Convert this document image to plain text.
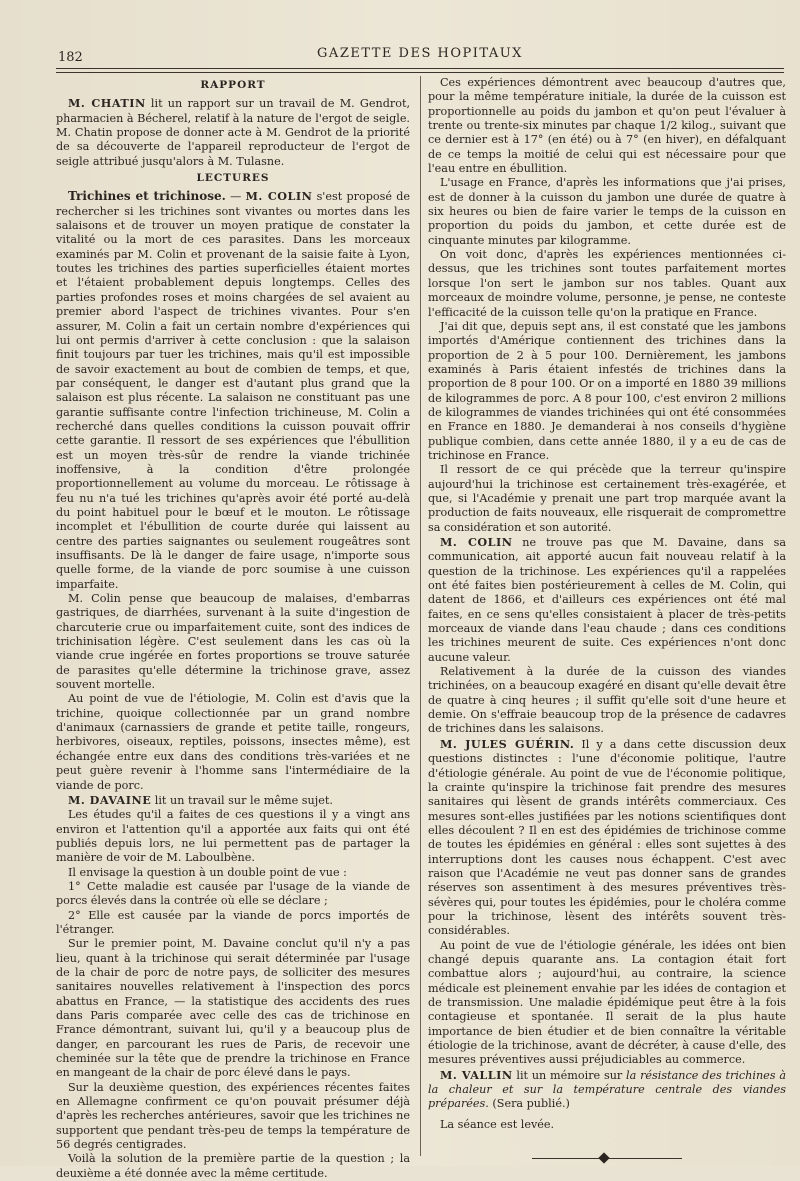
182	GAZETTE DES HOPITAUX
RAPPORT

M. CHATIN lit un rapport sur un travail de M. Gendrot, pharmacien à Bécherel, relatif à la nature de l'ergot de seigle. M. Chatin propose de donner acte à M. Gendrot de la priorité de sa découverte de l'appareil reproducteur de l'ergot de seigle attribué jusqu'alors à M. Tulasne.

LECTURES

Trichines et trichinose. — M. COLIN s'est proposé de rechercher si les trichines sont vivantes ou mortes dans les salaisons et de trouver un moyen pratique de constater la vitalité ou la mort de ces parasites. Dans les morceaux examinés par M. Colin et provenant de la saisie faite à Lyon, toutes les trichines des parties superficielles étaient mortes et l'étaient probablement depuis longtemps. Celles des parties profondes roses et moins chargées de sel avaient au premier abord l'aspect de trichines vivantes. Pour s'en assurer, M. Colin a fait un certain nombre d'expériences qui lui ont permis d'arriver à cette conclusion : que la salaison finit toujours par tuer les trichines, mais qu'il est impossible de savoir exactement au bout de combien de temps, et que, par conséquent, le danger est d'autant plus grand que la salaison est plus récente. La salaison ne constituant pas une garantie suffisante contre l'infection trichineuse, M. Colin a recherché dans quelles conditions la cuisson pouvait offrir cette garantie. Il ressort de ses expériences que l'ébullition est un moyen très-sûr de rendre la viande trichinée inoffensive, à la condition d'être prolongée proportionnellement au volume du morceau. Le rôtissage à feu nu n'a tué les trichines qu'après avoir été porté au-delà du point habituel pour le bœuf et le mouton. Le rôtissage incomplet et l'ébullition de courte durée qui laissent au centre des parties saignantes ou seulement rougeâtres sont insuffisants. De là le danger de faire usage, n'importe sous quelle forme, de la viande de porc soumise à une cuisson imparfaite.

M. Colin pense que beaucoup de malaises, d'embarras gastriques, de diarrhées, survenant à la suite d'ingestion de charcuterie crue ou imparfaitement cuite, sont des indices de trichinisation légère. C'est seulement dans les cas où la viande crue ingérée en fortes proportions se trouve saturée de parasites qu'elle détermine la trichinose grave, assez souvent mortelle.

Au point de vue de l'étiologie, M. Colin est d'avis que la trichine, quoique collectionnée par un grand nombre d'animaux (carnassiers de grande et petite taille, rongeurs, herbivores, oiseaux, reptiles, poissons, insectes même), est échangée entre eux dans des conditions très-variées et ne peut guère revenir à l'homme sans l'intermédiaire de la viande de porc.

M. DAVAINE lit un travail sur le même sujet.

Les études qu'il a faites de ces questions il y a vingt ans environ et l'attention qu'il a apportée aux faits qui ont été publiés depuis lors, ne lui permettent pas de partager la manière de voir de M. Laboulbène.

Il envisage la question à un double point de vue :

1° Cette maladie est causée par l'usage de la viande de porcs élevés dans la contrée où elle se déclare ;

2° Elle est causée par la viande de porcs importés de l'étranger.

Sur le premier point, M. Davaine conclut qu'il n'y a pas lieu, quant à la trichinose qui serait déterminée par l'usage de la chair de porc de notre pays, de solliciter des mesures sanitaires nouvelles relativement à l'inspection des porcs abattus en France, — la statistique des accidents des rues dans Paris comparée avec celle des cas de trichinose en France démontrant, suivant lui, qu'il y a beaucoup plus de danger, en parcourant les rues de Paris, de recevoir une cheminée sur la tête que de prendre la trichinose en France en mangeant de la chair de porc élevé dans le pays.

Sur la deuxième question, des expériences récentes faites en Allemagne confirment ce qu'on pouvait présumer déjà d'après les recherches antérieures, savoir que les trichines ne supportent que pendant très-peu de temps la température de 56 degrés centigrades.

Voilà la solution de la première partie de la question ; la deuxième a été donnée avec la même certitude.

Ces expériences démontrent avec beaucoup d'autres que, pour la même température initiale, la durée de la cuisson est proportionnelle au poids du jambon et qu'on peut l'évaluer à trente ou trente-six minutes par chaque 1/2 kilog., suivant que ce dernier est à 17° (en été) ou à 7° (en hiver), en défalquant de ce temps la moitié de celui qui est nécessaire pour que l'eau entre en ébullition.

L'usage en France, d'après les informations que j'ai prises, est de donner à la cuisson du jambon une durée de quatre à six heures ou bien de faire varier le temps de la cuisson en proportion du poids du jambon, et cette durée est de cinquante minutes par kilogramme.

On voit donc, d'après les expériences mentionnées ci-dessus, que les trichines sont toutes parfaitement mortes lorsque l'on sert le jambon sur nos tables. Quant aux morceaux de moindre volume, personne, je pense, ne conteste l'efficacité de la cuisson telle qu'on la pratique en France.

J'ai dit que, depuis sept ans, il est constaté que les jambons importés d'Amérique contiennent des trichines dans la proportion de 2 à 5 pour 100. Dernièrement, les jambons examinés à Paris étaient infestés de trichines dans la proportion de 8 pour 100. Or on a importé en 1880 39 millions de kilogrammes de porc. A 8 pour 100, c'est environ 2 millions de kilogrammes de viandes trichinées qui ont été consommées en France en 1880. Je demanderai à nos conseils d'hygiène publique combien, dans cette année 1880, il y a eu de cas de trichinose en France.

Il ressort de ce qui précède que la terreur qu'inspire aujourd'hui la trichinose est certainement très-exagérée, et que, si l'Académie y prenait une part trop marquée avant la production de faits nouveaux, elle risquerait de compromettre sa considération et son autorité.

M. COLIN ne trouve pas que M. Davaine, dans sa communication, ait apporté aucun fait nouveau relatif à la question de la trichinose. Les expériences qu'il a rappelées ont été faites bien postérieurement à celles de M. Colin, qui datent de 1866, et d'ailleurs ces expériences ont été mal faites, en ce sens qu'elles consistaient à placer de très-petits morceaux de viande dans l'eau chaude ; dans ces conditions les trichines meurent de suite. Ces expériences n'ont donc aucune valeur.

Relativement à la durée de la cuisson des viandes trichinées, on a beaucoup exagéré en disant qu'elle devait être de quatre à cinq heures ; il suffit qu'elle soit d'une heure et demie. On s'effraie beaucoup trop de la présence de cadavres de trichines dans les salaisons.

M. JULES GUÉRIN. Il y a dans cette discussion deux questions distinctes : l'une d'économie politique, l'autre d'étiologie générale. Au point de vue de l'économie politique, la crainte qu'inspire la trichinose fait prendre des mesures sanitaires qui lèsent de grands intérêts commerciaux. Ces mesures sont-elles justifiées par les notions scientifiques dont elles découlent ? Il en est des épidémies de trichinose comme de toutes les épidémies en général : elles sont sujettes à des interruptions dont les causes nous échappent. C'est avec raison que l'Académie ne veut pas donner sans de grandes réserves son assentiment à des mesures préventives très-sévères qui, pour toutes les épidémies, pour le choléra comme pour la trichinose, lèsent des intérêts souvent très-considérables.

Au point de vue de l'étiologie générale, les idées ont bien changé depuis quarante ans. La contagion était fort combattue alors ; aujourd'hui, au contraire, la science médicale est pleinement envahie par les idées de contagion et de transmission. Une maladie épidémique peut être à la fois contagieuse et spontanée. Il serait de la plus haute importance de bien étudier et de bien connaître la véritable étiologie de la trichinose, avant de décréter, à cause d'elle, des mesures préventives aussi préjudiciables au commerce.

M. VALLIN lit un mémoire sur la résistance des trichines à la chaleur et sur la température centrale des viandes préparées. (Sera publié.)

La séance est levée.
